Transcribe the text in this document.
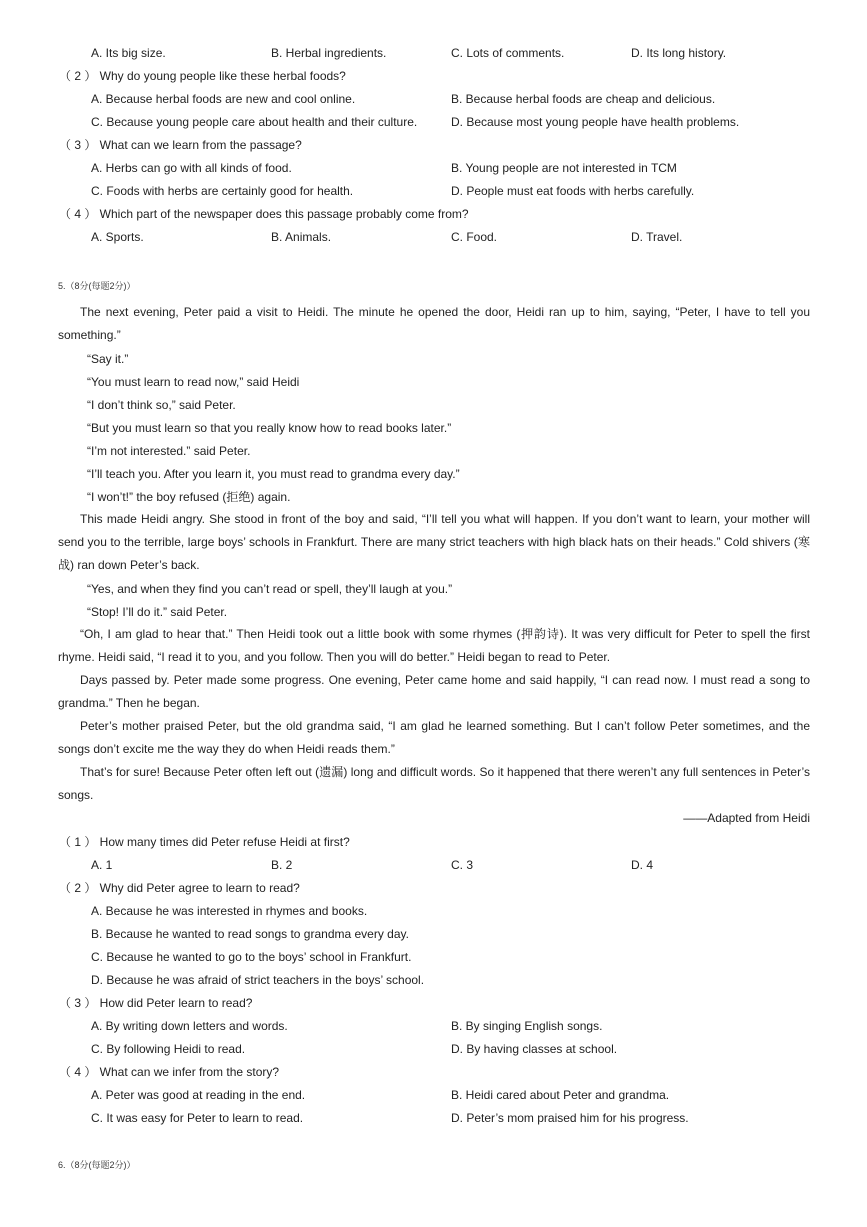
A. Its big size.	B. Herbal ingredients.	C. Lots of comments.	D. Its long history.
（ 2 ） Why do young people like these herbal foods?
A. Because herbal foods are new and cool online.	B. Because herbal foods are cheap and delicious.
C. Because young people care about health and their culture.	D. Because most young people have health problems.
（ 3 ） What can we learn from the passage?
A. Herbs can go with all kinds of food.	B. Young people are not interested in TCM
C. Foods with herbs are certainly good for health.	D. People must eat foods with herbs carefully.
（ 4 ） Which part of the newspaper does this passage probably come from?
A. Sports.	B. Animals.	C. Food.	D. Travel.
5.（8分(每题2分)）
The next evening, Peter paid a visit to Heidi. The minute he opened the door, Heidi ran up to him, saying, “Peter, I have to tell you something.”
“Say it.”
“You must learn to read now,” said Heidi
“I don’t think so,” said Peter.
“But you must learn so that you really know how to read books later.”
“I’m not interested.” said Peter.
“I’ll teach you. After you learn it, you must read to grandma every day.”
“I won’t!” the boy refused (拒绝) again.
This made Heidi angry. She stood in front of the boy and said, “I’ll tell you what will happen. If you don’t want to learn, your mother will send you to the terrible, large boys’ schools in Frankfurt. There are many strict teachers with high black hats on their heads.” Cold shivers (寒战) ran down Peter’s back.
“Yes, and when they find you can’t read or spell, they’ll laugh at you.”
“Stop! I’ll do it.” said Peter.
“Oh, I am glad to hear that.” Then Heidi took out a little book with some rhymes (押韵诗). It was very difficult for Peter to spell the first rhyme. Heidi said, “I read it to you, and you follow. Then you will do better.” Heidi began to read to Peter.
Days passed by. Peter made some progress. One evening, Peter came home and said happily, “I can read now. I must read a song to grandma.” Then he began.
Peter’s mother praised Peter, but the old grandma said, “I am glad he learned something. But I can’t follow Peter sometimes, and the songs don’t excite me the way they do when Heidi reads them.”
That’s for sure! Because Peter often left out (遗漏) long and difficult words. So it happened that there weren’t any full sentences in Peter’s songs.
——Adapted from Heidi
（ 1 ） How many times did Peter refuse Heidi at first?
A. 1	B. 2	C. 3	D. 4
（ 2 ） Why did Peter agree to learn to read?
A. Because he was interested in rhymes and books.
B. Because he wanted to read songs to grandma every day.
C. Because he wanted to go to the boys’ school in Frankfurt.
D. Because he was afraid of strict teachers in the boys’ school.
（ 3 ） How did Peter learn to read?
A. By writing down letters and words.	B. By singing English songs.
C. By following Heidi to read.	D. By having classes at school.
（ 4 ） What can we infer from the story?
A. Peter was good at reading in the end.	B. Heidi cared about Peter and grandma.
C. It was easy for Peter to learn to read.	D. Peter’s mom praised him for his progress.
6.（8分(每题2分)）
